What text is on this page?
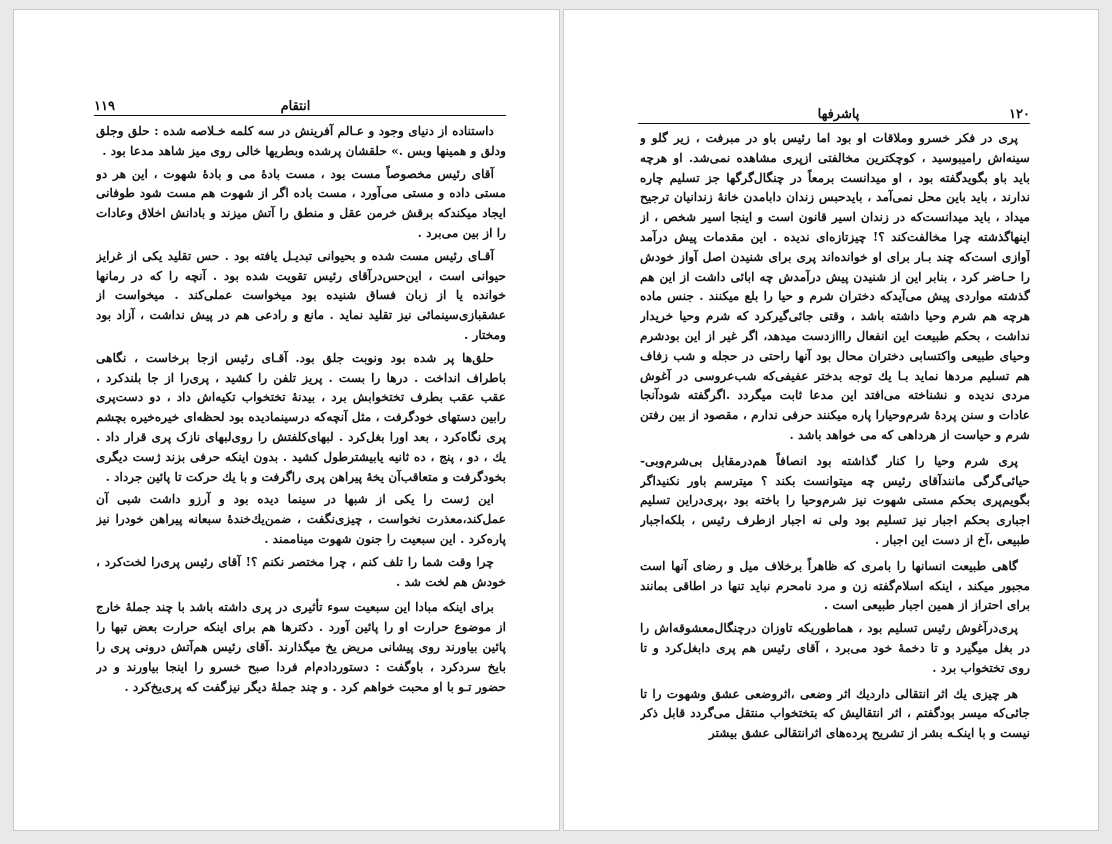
۱۱۹	انتقام

داستناده از دنیای وجود و عـالم آفرینش در سه کلمه خـلاصه شده : حلق وجلق ودلق و همینها وبس .» حلقشان پرشده وبطریها خالی روی میز شاهد مدعا بود .

آقای رئیس مخصوصاً مست بود ، مست بادهٔ می و بادهٔ شهوت ، این هر دو مستی داده و مستی می‌آورد ، مست باده اگر از شهوت هم مست شود طوفانی ایجاد میکندکه برقش خرمن عقل و منطق را آتش میزند و بادانش اخلاق وعادات را از بین می‌برد .

آقـای رئیس مست شده و بحیوانی تبدیـل یافته بود . حس تقلید یکی از غرایز حیوانی است ، این‌حس‌درآقای رئیس تقویت شده بود . آنچه را که در رمانها خوانده یا از زبان فساق شنیده بود میخواست عملی‌کند . میخواست از عشقبازی‌سینمائی نیز تقلید نماید . مانع و رادعی هم در پیش نداشت ، آزاد بود ومختار .

حلق‌ها پر شده بود ونوبت جلق بود. آقـای رئیس ازجا برخاست ، نگاهی باطراف انداخت . درها را بست . پریز تلفن را کشید ، پری‌را از جا بلندکرد ، عقب عقب بطرف تختخوابش برد ، بیدنهٔ تختخواب تکیه‌اش داد ، دو دست‌پری رابین دستهای خودگرفت ، مثل آنچه‌که درسینمادیده بود لحظه‌ای خیره‌خیره بچشم پری نگاه‌کرد ، بعد اورا بغل‌کرد . لبهای‌کلفتش را روی‌لبهای نازک پری قرار داد . یك ، دو ، پنج ، ده ثانیه یابیشترطول کشید . بدون اینکه حرفی بزند ژست دیگری بخودگرفت و متعاقب‌آن یخهٔ پیراهن پری راگرفت و با یك حرکت تا پائین جرداد .

این ژست را یکی از شبها در سینما دیده بود و آرزو داشت شبی آن عمل‌کند،معذرت نخواست ، چیزی‌نگفت ، ضمن‌یك‌خندهٔ سبعانه پیراهن خودرا نیز پاره‌کرد . این سبعیت را جنون شهوت میناممند .

چرا وقت شما را تلف کنم ، چرا مختصر نکنم ؟! آقای رئیس پری‌را لخت‌کرد ، خودش هم لخت شد .

برای اینکه مبادا این سبعیت سوء تأثیری در پری داشته باشد با چند جملهٔ خارج از موضوع حرارت او را پائین آورد . دکترها هم برای اینکه حرارت بعض تبها را پائین بیاورند روی پیشانی مریض یخ میگذارند .آقای رئیس هم‌آتش درونی پری را بایخ سردکرد ، باوگفت : دستوردادم‌ام فردا صبح خسرو را اینجا بیاورند و در حضور تـو با او محبت خواهم کرد . و چند جملهٔ دیگر نیزگفت که پری‌یخ‌کرد .

پاشرفها	۱۲۰

پری در فکر خسرو وملاقات او بود اما رئیس باو در مبرفت ، زیر گلو و سینه‌اش رامیبوسید ، کوچکترین مخالفتی ازپری مشاهده نمی‌شد. او هرچه باید باو بگویدگفته بود ، او میدانست برمعاً در چنگال‌گرگها جز تسلیم چاره ندارند ، باید باین محل نمی‌آمد ، بایدحبس زندان دابامدن خانهٔ زندانیان ترجیح میداد ، باید میدانست‌که در زندان اسیر قانون است و اینجا اسیر شخص ، از اینهاگذشته چرا مخالفت‌کند ؟! چیزتازه‌ای ندیده . این مقدمات پیش درآمد آوازی است‌که چند بـار برای او خوانده‌اند پری برای شنیدن اصل آواز خودش را حـاضر کرد ، بنابر این از شنیدن پیش درآمدش چه ابائی داشت از این هم گذشته مواردی پیش می‌آیدکه دختران شرم و حیا را بلع میکنند . جنس ماده هرچه هم شرم وحیا داشته باشد ، وقتی جائی‌گیرکرد که شرم وحیا خریدار نداشت ، بحکم طبیعت این انفعال رااازدست میدهد، اگر غیر از این بودشرم وحیای طبیعی واکتسابی دختران محال بود آنها راحتی در حجله و شب زفاف هم تسلیم مردها نماید بـا یك توجه بدختر عفیفی‌که شب‌عروسی در آغوش مردی ندیده و نشناخته می‌افتد این مدعا ثابت میگردد .اگرگفته شودآنجا عادات و سنن پردهٔ شرم‌وحیارا پاره میکنند حرفی ندارم ، مقصود از بین رفتن شرم و حیاست از هرداهی که می خواهد باشد .

پری شرم وحیا را کنار گذاشته بود انصافاً هم‌درمقابل بی‌شرم‌وبی- حیائی‌گرگی مانندآقای رئیس چه میتوانست بکند ؟ میترسم باور نکنیداگر بگویم‌پری بحکم مستی شهوت نیز شرم‌وحیا را باخته بود ،پری‌دراین تسلیم اجباری بحکم اجبار نیز تسلیم بود ولی نه اجبار ازطرف رئیس ، بلکه‌اجبار طبیعی ،آخ از دست این اجبار .

گاهی طبیعت انسانها را بامری که ظاهراً برخلاف میل و رضای آنها است مجبور میکند ، اینکه اسلام‌گفته زن و مرد نامحرم نباید تنها در اطاقی بمانند برای احتراز از همین اجبار طبیعی است .

پری‌درآغوش رئیس تسلیم بود ، هماطوریکه تاوزان درچنگال‌معشوقه‌اش را در بغل میگیرد و تا دخمهٔ خود می‌برد ، آقای رئیس هم پری دابغل‌کرد و تا روی تختخواب برد .

هر چیزی یك اثر انتقالی داردیك اثر وضعی ،اثروضعی عشق وشهوت را تا جائی‌که میسر بودگفتم ، اثر انتقالیش که بتختخواب منتقل می‌گردد قابل ذکر نیست و با اینکـه بشر از تشریح پرده‌های اثرانتقالی عشق بیشتر
